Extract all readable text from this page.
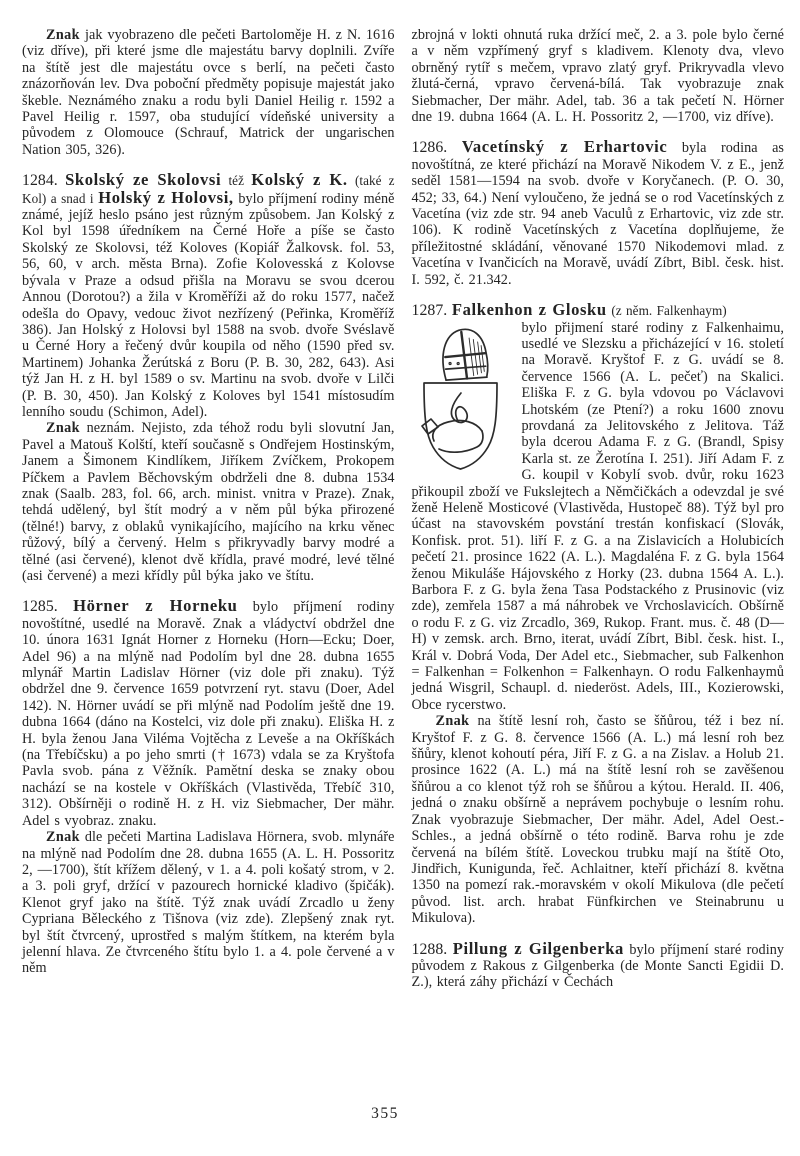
Znak jak vyobrazeno dle pečeti Bartoloměje H. z N. 1616 (viz dříve), při které jsme dle majestátu barvy doplnili. Zvíře na štítě jest dle majestátu ovce s berlí, na pečeti často znázorňován lev. Dva poboční předměty popisuje majestát jako škeble. Neznámého znaku a rodu byli Daniel Heilig r. 1592 a Pavel Heilig r. 1597, oba studující vídeňské university a původem z Olomouce (Schrauf, Matrick der ungarischen Nation 305, 326).

1284. Skolský ze Skolovsi též Kolský z K. (také z Kol) a snad i Holský z Holovsi, bylo příjmení rodiny méně známé, jejíž heslo psáno jest různým způsobem. Jan Kolský z Kol byl 1598 úředníkem na Černé Hoře a píše se často Skolský ze Skolovsi, též Koloves (Kopiář Žalkovsk. fol. 53, 56, 60, v arch. města Brna). Zofie Kolovesská z Kolovse bývala v Praze a odsud přišla na Moravu se svou dcerou Annou (Dorotou?) a žila v Kroměříži až do roku 1577, načež odešla do Opavy, vedouc život nezřízený (Peřinka, Kroměříž 386). Jan Holský z Holovsi byl 1588 na svob. dvoře Svéslavě u Černé Hory a řečený dvůr koupila od něho (1590 před sv. Martinem) Johanka Žerútská z Boru (P. B. 30, 282, 643). Asi týž Jan H. z H. byl 1589 o sv. Martinu na svob. dvoře v Lilči (P. B. 30, 450). Jan Kolský z Koloves byl 1541 místosudím lenního soudu (Schimon, Adel).

Znak neznám. Nejisto, zda téhož rodu byli slovutní Jan, Pavel a Matouš Kolští, kteří současně s Ondřejem Hostinským, Janem a Šimonem Kindlíkem, Jiříkem Zvíčkem, Prokopem Píčkem a Pavlem Běchovským obdrželi dne 8. dubna 1534 znak (Saalb. 283, fol. 66, arch. minist. vnitra v Praze). Znak, tehdá udělený, byl štít modrý a v něm půl býka přirozené (tělné!) barvy, z oblaků vynikajícího, majícího na krku věnec růžový, bílý a červený. Helm s přikryvadly barvy modré a tělné (asi červené), klenot dvě křídla, pravé modré, levé tělné (asi červené) a mezi křídly půl býka jako ve štítu.

1285. Hörner z Horneku bylo příjmení rodiny novoštítné, usedlé na Moravě. Znak a vládyctví obdržel dne 10. února 1631 Ignát Horner z Horneku (Horn—Ecku; Doer, Adel 96) a na mlýně nad Podolím byl dne 28. dubna 1655 mlynář Martin Ladislav Hörner (viz dole při znaku). Týž obdržel dne 9. července 1659 potvrzení ryt. stavu (Doer, Adel 142). N. Hörner uvádí se při mlýně nad Podolím ještě dne 19. dubna 1664 (dáno na Kostelci, viz dole při znaku). Eliška H. z H. byla ženou Jana Viléma Vojtěcha z Leveše a na Okříškách (na Třebíčsku) a po jeho smrti († 1673) vdala se za Kryštofa Pavla svob. pána z Věžník. Pamětní deska se znaky obou nachází se na kostele v Okříškách (Vlastivěda, Třebíč 310, 312). Obšírněji o rodině H. z H. viz Siebmacher, Der mähr. Adel s vyobraz. znaku.

Znak dle pečeti Martina Ladislava Hörnera, svob. mlynáře na mlýně nad Podolím dne 28. dubna 1655 (A. L. H. Possoritz 2, —1700), štít křížem dělený, v 1. a 4. poli košatý strom, v 2. a 3. poli gryf, držící v pazourech hornické kladivo (špičák). Klenot gryf jako na štítě. Týž znak uvádí Zrcadlo u ženy Cypriana Běleckého z Tišnova (viz zde). Zlepšený znak ryt. byl štít čtvrcený, uprostřed s malým štítkem, na kterém byla jelenní hlava. Ze čtvrceného štítu bylo 1. a 4. pole červené a v něm

zbrojná v lokti ohnutá ruka držící meč, 2. a 3. pole bylo černé a v něm vzpřímený gryf s kladivem. Klenoty dva, vlevo obrněný rytíř s mečem, vpravo zlatý gryf. Prikryvadla vlevo žlutá-černá, vpravo červená-bílá. Tak vyobrazuje znak Siebmacher, Der mähr. Adel, tab. 36 a tak pečetí N. Hörner dne 19. dubna 1664 (A. L. H. Possoritz 2, —1700, viz dříve).

1286. Vacetínský z Erhartovic byla rodina as novoštítná, ze které přichází na Moravě Nikodem V. z E., jenž seděl 1581—1594 na svob. dvoře v Koryčanech. (P. O. 30, 452; 33, 64.) Není vyloučeno, že jedná se o rod Vacetínských z Vacetína (viz zde str. 94 aneb Vaculů z Erhartovic, viz zde str. 106). K rodině Vacetínských z Vacetína doplňujeme, že příležitostné skládání, věnované 1570 Nikodemovi mlad. z Vacetína v Ivančicích na Moravě, uvádí Zíbrt, Bibl. česk. hist. I. 592, č. 21.342.

1287. Falkenhon z Glosku (z něm. Falkenhaym)

bylo přijmení staré rodiny z Falkenhaimu, usedlé ve Slezsku a přicházející v 16. století na Moravě. Kryštof F. z G. uvádí se 8. července 1566 (A. L. pečeť) na Skalici. Eliška F. z G. byla vdovou po Václavovi Lhotském (ze Ptení?) a roku 1600 znovu provdaná za Jelitovského z Jelitova. Táž byla dcerou Adama F. z G. (Brandl, Spisy Karla st. ze Žerotína I. 251). Jiří Adam F. z G. koupil v Kobylí svob. dvůr, roku 1623 přikoupil zboží ve Fukslejtech a Němčičkách a odevzdal je své ženě Heleně Mosticové (Vlastivěda, Hustopeč 88). Týž byl pro účast na stavovském povstání trestán konfiskací (Slovák, Konfisk. prot. 51). liří F. z G. a na Zislavicích a Holubicích pečetí 21. prosince 1622 (A. L.). Magdaléna F. z G. byla 1564 ženou Mikuláše Hájovského z Horky (23. dubna 1564 A. L.). Barbora F. z G. byla žena Tasa Podstackého z Prusinovic (viz zde), zemřela 1587 a má náhrobek ve Vrchoslavicích. Obšírně o rodu F. z G. viz Zrcadlo, 369, Rukop. Frant. mus. č. 48 (D—H) v zemsk. arch. Brno, iterat, uvádí Zíbrt, Bibl. česk. hist. I., Král v. Dobrá Voda, Der Adel etc., Siebmacher, sub Falkenhon = Falkenhan = Folkenhon = Falkenhayn. O rodu Falkenhaymů jedná Wisgril, Schaupl. d. niederöst. Adels, III., Kozierowski, Obce rycerstwo.

Znak na štítě lesní roh, často se šňůrou, též i bez ní. Kryštof F. z G. 8. července 1566 (A. L.) má lesní roh bez šňůry, klenot kohoutí péra, Jiří F. z G. a na Zislav. a Holub 21. prosince 1622 (A. L.) má na štítě lesní roh se zavěšenou šňůrou a co klenot týž roh se šňůrou a kýtou. Herald. II. 406, jedná o znaku obšírně a neprávem pochybuje o lesním rohu. Znak vyobrazuje Siebmacher, Der mähr. Adel, Adel Oest.-Schles., a jedná obšírně o této rodině. Barva rohu je zde červená na bílém štítě. Loveckou trubku mají na štítě Oto, Jindřich, Kunigunda, řeč. Achlaitner, kteří přichází 8. května 1350 na pomezí rak.-moravském v okolí Mikulova (dle pečetí původ. list. arch. hrabat Fünfkirchen ve Steinabrunu u Mikulova).

1288. Pillung z Gilgenberka bylo příjmení staré rodiny původem z Rakous z Gilgenberka (de Monte Sancti Egidii D. Z.), která záhy přichází v Čechách

355
